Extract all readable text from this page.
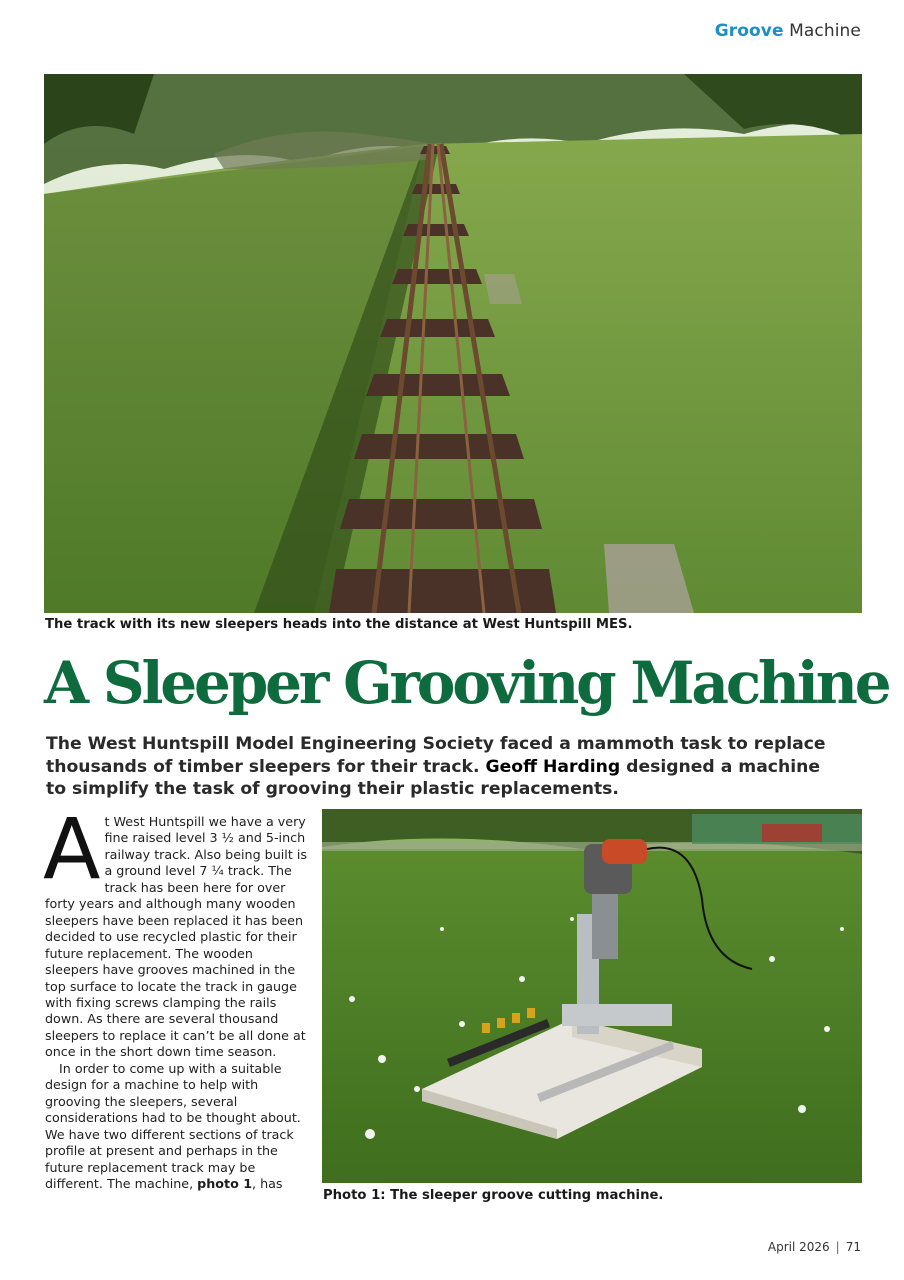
Groove Machine
The track with its new sleepers heads into the distance at West Huntspill MES.
A Sleeper Grooving Machine
The West Huntspill Model Engineering Society faced a mammoth task to replace thousands of timber sleepers for their track. Geoff Harding designed a machine to simplify the task of grooving their plastic replacements.

At West Huntspill we have a very fine raised level 3 ½ and 5-inch railway track. Also being built is a ground level 7 ¼ track. The track has been here for over forty years and although many wooden sleepers have been replaced it has been decided to use recycled plastic for their future replacement. The wooden sleepers have grooves machined in the top surface to locate the track in gauge with fixing screws clamping the rails down. As there are several thousand sleepers to replace it can’t be all done at once in the short down time season.

In order to come up with a suitable design for a machine to help with grooving the sleepers, several considerations had to be thought about. We have two different sections of track profile at present and perhaps in the future replacement track may be different. The machine, photo 1, has

Photo 1: The sleeper groove cutting machine.
April 2026 | 71
